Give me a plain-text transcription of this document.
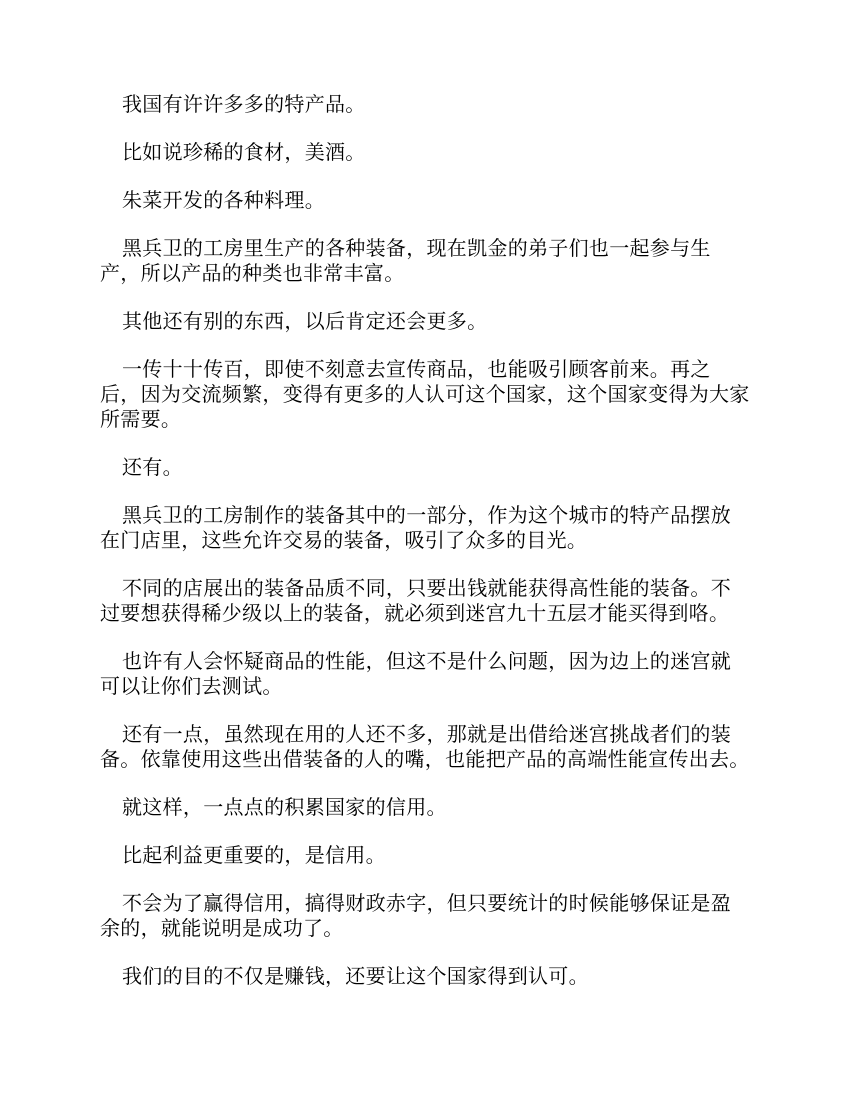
我国有许许多多的特产品。

比如说珍稀的食材，美酒。

朱菜开发的各种料理。

黑兵卫的工房里生产的各种装备，现在凯金的弟子们也一起参与生产，所以产品的种类也非常丰富。

其他还有别的东西，以后肯定还会更多。

一传十十传百，即使不刻意去宣传商品，也能吸引顾客前来。再之后，因为交流频繁，变得有更多的人认可这个国家，这个国家变得为大家所需要。

还有。

黑兵卫的工房制作的装备其中的一部分，作为这个城市的特产品摆放在门店里，这些允许交易的装备，吸引了众多的目光。

不同的店展出的装备品质不同，只要出钱就能获得高性能的装备。不过要想获得稀少级以上的装备，就必须到迷宫九十五层才能买得到咯。

也许有人会怀疑商品的性能，但这不是什么问题，因为边上的迷宫就可以让你们去测试。

还有一点，虽然现在用的人还不多，那就是出借给迷宫挑战者们的装备。依靠使用这些出借装备的人的嘴，也能把产品的高端性能宣传出去。

就这样，一点点的积累国家的信用。

比起利益更重要的，是信用。

不会为了赢得信用，搞得财政赤字，但只要统计的时候能够保证是盈余的，就能说明是成功了。

我们的目的不仅是赚钱，还要让这个国家得到认可。
